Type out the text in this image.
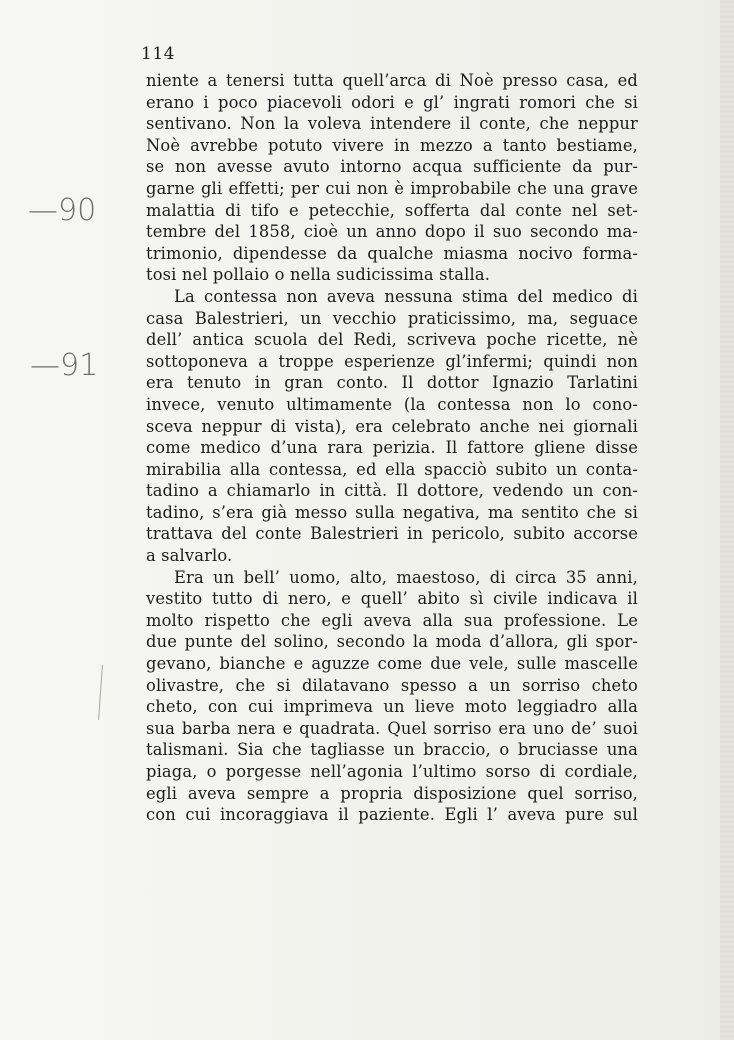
114
—90
—91
niente a tenersi tutta quell’arca di Noè presso casa, ed
erano i poco piacevoli odori e gl’ ingrati romori che si
sentivano. Non la voleva intendere il conte, che neppur
Noè avrebbe potuto vivere in mezzo a tanto bestiame,
se non avesse avuto intorno acqua sufficiente da pur-
garne gli effetti; per cui non è improbabile che una grave
malattia di tifo e petecchie, sofferta dal conte nel set-
tembre del 1858, cioè un anno dopo il suo secondo ma-
trimonio, dipendesse da qualche miasma nocivo forma-
tosi nel pollaio o nella sudicissima stalla.
La contessa non aveva nessuna stima del medico di
casa Balestrieri, un vecchio praticissimo, ma, seguace
dell’ antica scuola del Redi, scriveva poche ricette, nè
sottoponeva a troppe esperienze gl’infermi; quindi non
era tenuto in gran conto. Il dottor Ignazio Tarlatini
invece, venuto ultimamente (la contessa non lo cono-
sceva neppur di vista), era celebrato anche nei giornali
come medico d’una rara perizia. Il fattore gliene disse
mirabilia alla contessa, ed ella spacciò subito un conta-
tadino a chiamarlo in città. Il dottore, vedendo un con-
tadino, s’era già messo sulla negativa, ma sentito che si
trattava del conte Balestrieri in pericolo, subito accorse
a salvarlo.
Era un bell’ uomo, alto, maestoso, di circa 35 anni,
vestito tutto di nero, e quell’ abito sì civile indicava il
molto rispetto che egli aveva alla sua professione. Le
due punte del solino, secondo la moda d’allora, gli spor-
gevano, bianche e aguzze come due vele, sulle mascelle
olivastre, che si dilatavano spesso a un sorriso cheto
cheto, con cui imprimeva un lieve moto leggiadro alla
sua barba nera e quadrata. Quel sorriso era uno de’ suoi
talismani. Sia che tagliasse un braccio, o bruciasse una
piaga, o porgesse nell’agonia l’ultimo sorso di cordiale,
egli aveva sempre a propria disposizione quel sorriso,
con cui incoraggiava il paziente. Egli l’ aveva pure sul
